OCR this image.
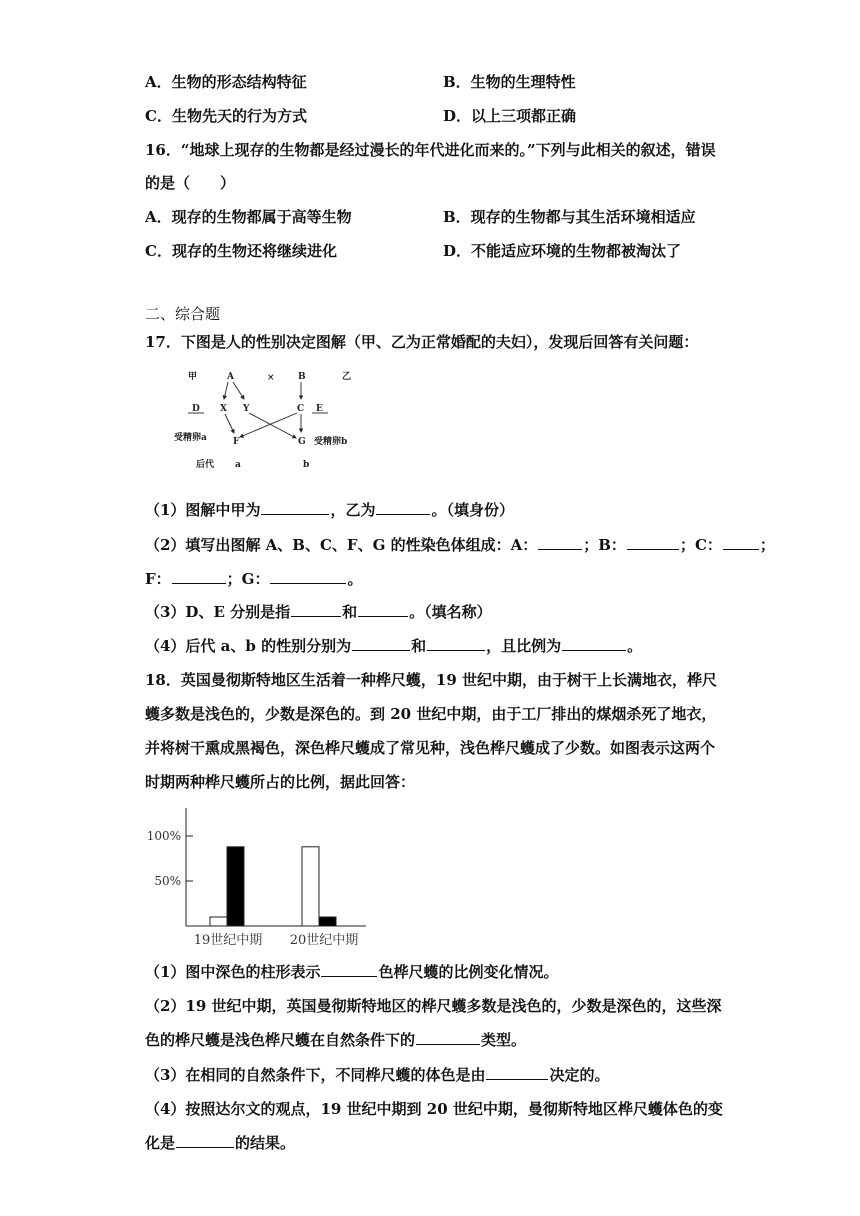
A．生物的形态结构特征	B．生物的生理特性
C．生物先天的行为方式	D．以上三项都正确
16．“地球上现存的生物都是经过漫长的年代进化而来的。”下列与此相关的叙述，错误
的是（　　）
A．现存的生物都属于高等生物	B．现存的生物都与其生活环境相适应
C．现存的生物还将继续进化	D．不能适应环境的生物都被淘汰了
二、综合题
17．下图是人的性别决定图解（甲、乙为正常婚配的夫妇），发现后回答有关问题：
甲	A	×	B	乙
D X Y	C E
F	G
受精卵a	受精卵b
后代 a	b
（1）图解中甲为	，乙为	。（填身份）
（2）填写出图解 A、B、C、F、G 的性染色体组成：A：	；B：	；C：	；
F：	；G：	。
（3）D、E 分别是指	和	。（填名称）
（4）后代 a、b 的性别分别为	和	，且比例为	。
18．英国曼彻斯特地区生活着一种桦尺蠖，19 世纪中期，由于树干上长满地衣，桦尺
蠖多数是浅色的，少数是深色的。到 20 世纪中期，由于工厂排出的煤烟杀死了地衣，
并将树干熏成黑褐色，深色桦尺蠖成了常见种，浅色桦尺蠖成了少数。如图表示这两个
时期两种桦尺蠖所占的比例，据此回答：
100%
50%
19世纪中期 20世纪中期
（1）图中深色的柱形表示	色桦尺蠖的比例变化情况。
（2）19 世纪中期，英国曼彻斯特地区的桦尺蠖多数是浅色的，少数是深色的，这些深
色的桦尺蠖是浅色桦尺蠖在自然条件下的	类型。
（3）在相同的自然条件下，不同桦尺蠖的体色是由	决定的。
（4）按照达尔文的观点，19 世纪中期到 20 世纪中期，曼彻斯特地区桦尺蠖体色的变
化是	的结果。
